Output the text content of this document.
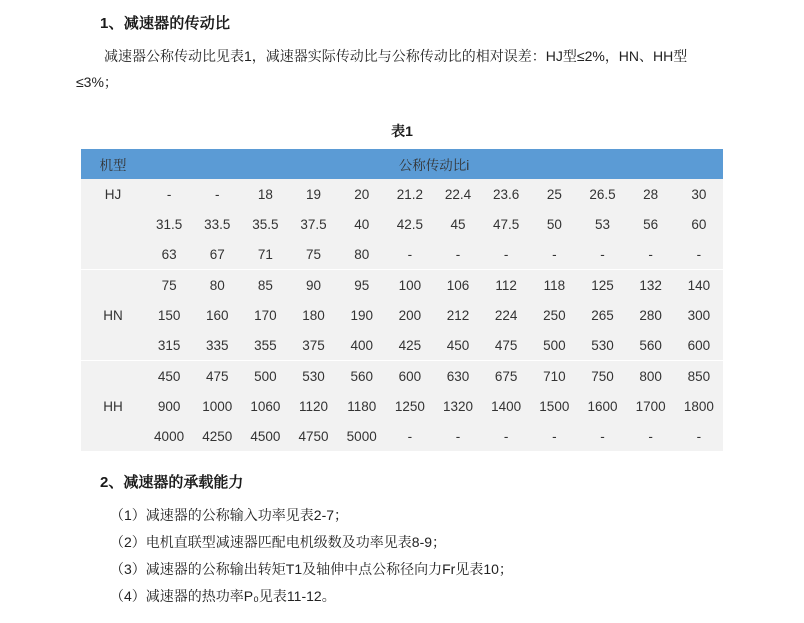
1、减速器的传动比
减速器公称传动比见表1，减速器实际传动比与公称传动比的相对误差：HJ型≤2%，HN、HH型≤3%；
表1
机型	公称传动比i											
HJ	-	-	18	19	20	21.2	22.4	23.6	25	26.5	28	30
	31.5	33.5	35.5	37.5	40	42.5	45	47.5	50	53	56	60
	63	67	71	75	80	-	-	-	-	-	-	-
	75	80	85	90	95	100	106	112	118	125	132	140
HN	150	160	170	180	190	200	212	224	250	265	280	300
	315	335	355	375	400	425	450	475	500	530	560	600
	450	475	500	530	560	600	630	675	710	750	800	850
HH	900	1000	1060	1120	1180	1250	1320	1400	1500	1600	1700	1800
	4000	4250	4500	4750	5000	-	-	-	-	-	-	-
2、减速器的承载能力
（1）减速器的公称输入功率见表2-7；
（2）电机直联型减速器匹配电机级数及功率见表8-9；
（3）减速器的公称输出转矩T1及轴伸中点公称径向力Fr见表10；
（4）减速器的热功率P₀见表11-12。
